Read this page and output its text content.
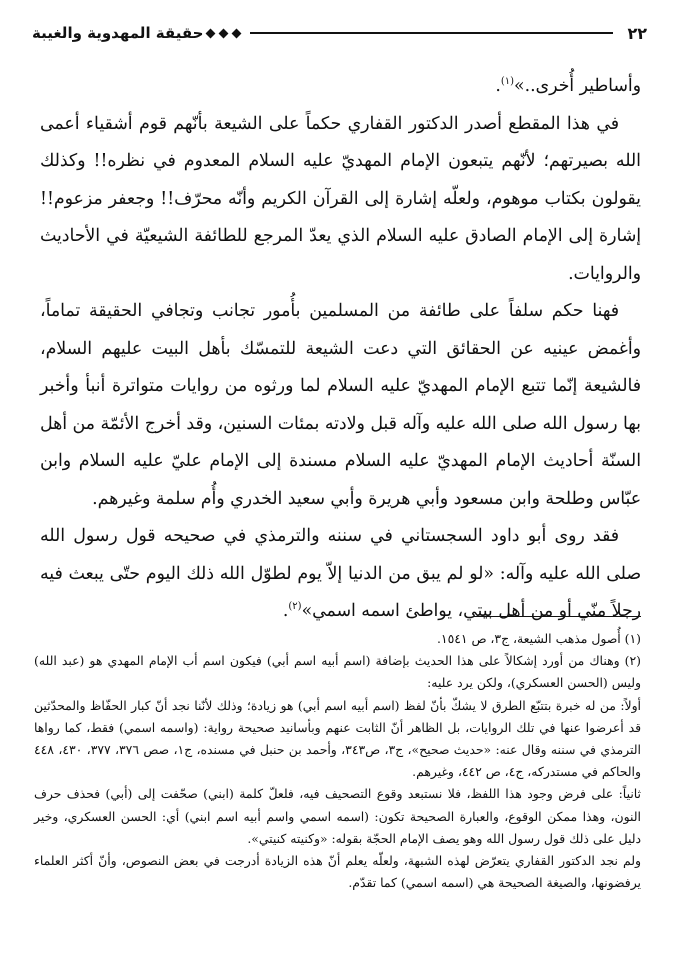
٢٢
حقيقة المهدوية والغيبة

وأساطير أُخرى..»$^{(١)}$.

في هذا المقطع أصدر الدكتور القفاري حكماً على الشيعة بأنّهم قوم أشقياء أعمى الله بصيرتهم؛ لأنّهم يتبعون الإمام المهديّ عليه السلام المعدوم في نظره!! وكذلك يقولون بكتاب موهوم، ولعلّه إشارة إلى القرآن الكريم وأنّه محرّف!! وجعفر مزعوم!! إشارة إلى الإمام الصادق عليه السلام الذي يعدّ المرجع للطائفة الشيعيّة في الأحاديث والروايات.

فهنا حكم سلفاً على طائفة من المسلمين بأُمور تجانب وتجافي الحقيقة تماماً، وأغمض عينيه عن الحقائق التي دعت الشيعة للتمسّك بأهل البيت عليهم السلام، فالشيعة إنّما تتبع الإمام المهديّ عليه السلام لما ورثوه من روايات متواترة أنبأ وأخبر بها رسول الله صلى الله عليه وآله قبل ولادته بمئات السنين، وقد أخرج الأئمّة من أهل السنّة أحاديث الإمام المهديّ عليه السلام مسندة إلى الإمام عليّ عليه السلام وابن عبّاس وطلحة وابن مسعود وأبي هريرة وأبي سعيد الخدري وأُم سلمة وغيرهم.

فقد روى أبو داود السجستاني في سننه والترمذي في صحيحه قول رسول الله صلى الله عليه وآله: «لو لم يبق من الدنيا إلاّ يوم لطوّل الله ذلك اليوم حتّى يبعث فيه رجلاً منّي أو من أهل بيتي، يواطئ اسمه اسمي»$^{(٢)}$.

(١) أُصول مذهب الشيعة، ج٣، ص ١٥٤١.

(٢) وهناك من أورد إشكالاً على هذا الحديث بإضافة (اسم أبيه اسم أبي) فيكون اسم أب الإمام المهدي هو (عبد الله) وليس (الحسن العسكري)، ولكن يرد عليه:

أولاً: من له خبرة بتتبّع الطرق لا يشكّ بأنّ لفظ (اسم أبيه اسم أبي) هو زيادة؛ وذلك لأنّنا نجد أنّ كبار الحفّاظ والمحدّثين قد أعرضوا عنها في تلك الروايات، بل الظاهر أنّ الثابت عنهم وبأسانيد صحيحة رواية: (واسمه اسمي) فقط، كما رواها الترمذي في سننه وقال عنه: «حديث صحيح»، ج٣، ص٣٤٣، وأحمد بن حنبل في مسنده، ج١، صص ٣٧٦، ٣٧٧، ٤٣٠، ٤٤٨ والحاكم في مستدركه، ج٤، ص ٤٤٢، وغيرهم.

ثانياً: على فرض وجود هذا اللفظ، فلا نستبعد وقوع التصحيف فيه، فلعلّ كلمة (ابني) صحّفت إلى (أبي) فحذف حرف النون، وهذا ممكن الوقوع، والعبارة الصحيحة تكون: (اسمه اسمي واسم أبيه اسم ابني) أي: الحسن العسكري، وخير دليل على ذلك قول رسول الله وهو يصف الإمام الحجّة بقوله: «وكنيته كنيتي».

ولم نجد الدكتور القفاري يتعرّض لهذه الشبهة، ولعلّه يعلم أنّ هذه الزيادة أدرجت في بعض النصوص، وأنّ أكثر العلماء يرفضونها، والصيغة الصحيحة هي (اسمه اسمي) كما تقدّم.
